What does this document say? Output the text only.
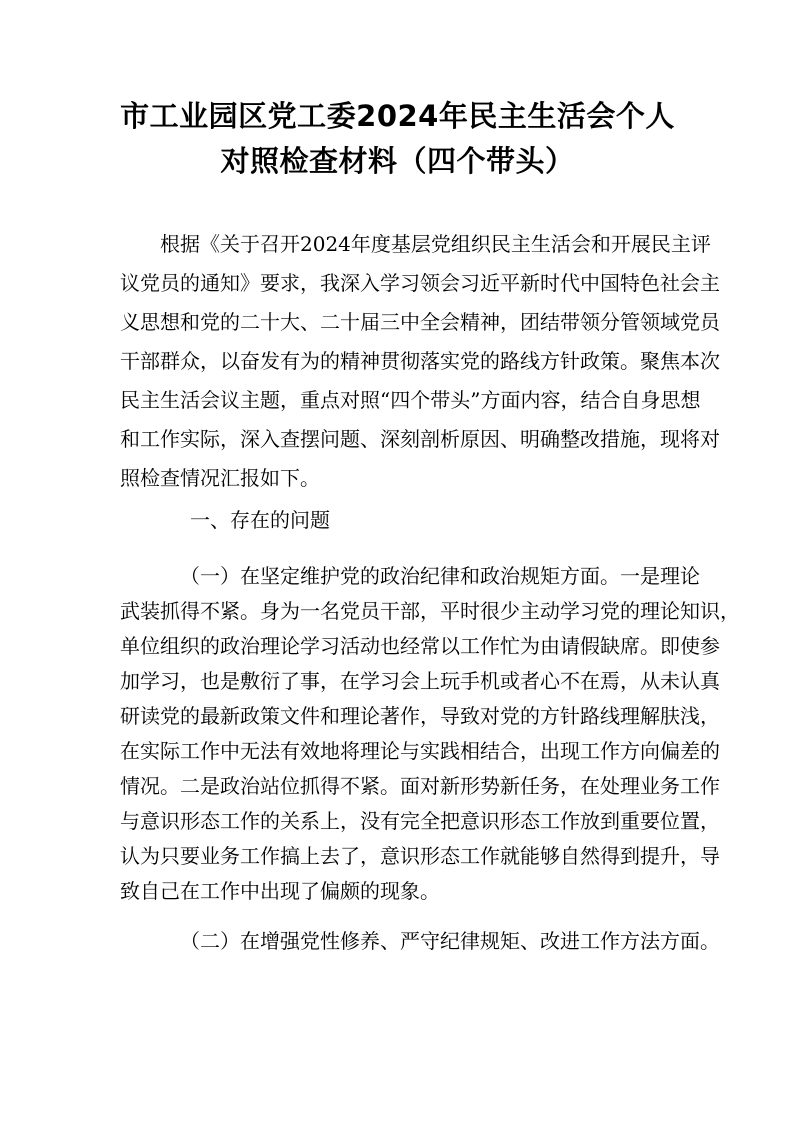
市工业园区党工委2024年民主生活会个人
对照检查材料（四个带头）
根据《关于召开2024年度基层党组织民主生活会和开展民主评
议党员的通知》要求，我深入学习领会习近平新时代中国特色社会主
义思想和党的二十大、二十届三中全会精神，团结带领分管领域党员
干部群众，以奋发有为的精神贯彻落实党的路线方针政策。聚焦本次
民主生活会议主题，重点对照“四个带头”方面内容，结合自身思想
和工作实际，深入查摆问题、深刻剖析原因、明确整改措施，现将对
照检查情况汇报如下。
一、存在的问题
（一）在坚定维护党的政治纪律和政治规矩方面。一是理论
武装抓得不紧。身为一名党员干部，平时很少主动学习党的理论知识，
单位组织的政治理论学习活动也经常以工作忙为由请假缺席。即使参
加学习，也是敷衍了事，在学习会上玩手机或者心不在焉，从未认真
研读党的最新政策文件和理论著作，导致对党的方针路线理解肤浅，
在实际工作中无法有效地将理论与实践相结合，出现工作方向偏差的
情况。二是政治站位抓得不紧。面对新形势新任务，在处理业务工作
与意识形态工作的关系上，没有完全把意识形态工作放到重要位置，
认为只要业务工作搞上去了，意识形态工作就能够自然得到提升，导
致自己在工作中出现了偏颇的现象。
（二）在增强党性修养、严守纪律规矩、改进工作方法方面。
